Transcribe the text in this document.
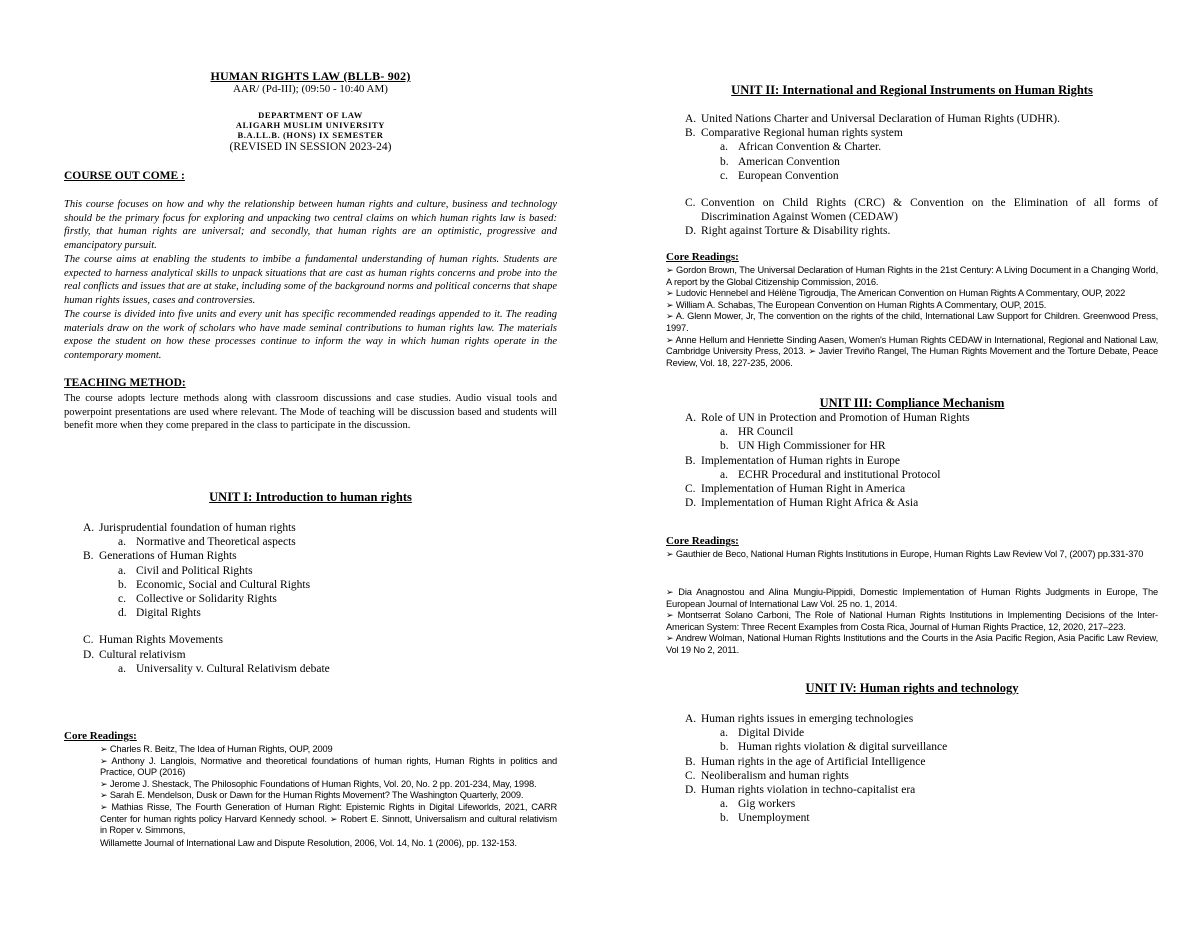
HUMAN RIGHTS LAW (BLLB- 902)
AAR/ (Pd-III); (09:50 - 10:40 AM)
DEPARTMENT OF LAW
ALIGARH MUSLIM UNIVERSITY
B.A.LL.B. (HONS) IX SEMESTER
(REVISED IN SESSION 2023-24)
COURSE OUT COME :
This course focuses on how and why the relationship between human rights and culture, business and technology should be the primary focus for exploring and unpacking two central claims on which human rights law is based: firstly, that human rights are universal; and secondly, that human rights are an optimistic, progressive and emancipatory pursuit.
The course aims at enabling the students to imbibe a fundamental understanding of human rights. Students are expected to harness analytical skills to unpack situations that are cast as human rights concerns and probe into the real conflicts and issues that are at stake, including some of the background norms and political concerns that shape human rights issues, cases and controversies.
The course is divided into five units and every unit has specific recommended readings appended to it. The reading materials draw on the work of scholars who have made seminal contributions to human rights law. The materials expose the student on how these processes continue to inform the way in which human rights operate in the contemporary moment.
TEACHING METHOD:
The course adopts lecture methods along with classroom discussions and case studies. Audio visual tools and powerpoint presentations are used where relevant. The Mode of teaching will be discussion based and students will benefit more when they come prepared in the class to participate in the discussion.
UNIT I: Introduction to human rights
A. Jurisprudential foundation of human rights
a. Normative and Theoretical aspects
B. Generations of Human Rights
a. Civil and Political Rights
b. Economic, Social and Cultural Rights
c. Collective or Solidarity Rights
d. Digital Rights
C. Human Rights Movements
D. Cultural relativism
a. Universality v. Cultural Relativism debate
Core Readings:
➢ Charles R. Beitz, The Idea of Human Rights, OUP, 2009
➢ Anthony J. Langlois, Normative and theoretical foundations of human rights, Human Rights in politics and Practice, OUP (2016)
➢ Jerome J. Shestack, The Philosophic Foundations of Human Rights, Vol. 20, No. 2 pp. 201-234, May, 1998.
➢ Sarah E. Mendelson, Dusk or Dawn for the Human Rights Movement? The Washington Quarterly, 2009.
➢ Mathias Risse, The Fourth Generation of Human Right: Epistemic Rights in Digital Lifeworlds, 2021, CARR Center for human rights policy Harvard Kennedy school. ➢ Robert E. Sinnott, Universalism and cultural relativism in Roper v. Simmons,
Willamette Journal of International Law and Dispute Resolution, 2006, Vol. 14, No. 1 (2006), pp. 132-153.
UNIT II: International and Regional Instruments on Human Rights
A. United Nations Charter and Universal Declaration of Human Rights (UDHR).
B. Comparative Regional human rights system
a. African Convention & Charter.
b. American Convention
c. European Convention
C. Convention on Child Rights (CRC) & Convention on the Elimination of all forms of Discrimination Against Women (CEDAW)
D. Right against Torture & Disability rights.
Core Readings:
➢ Gordon Brown, The Universal Declaration of Human Rights in the 21st Century: A Living Document in a Changing World, A report by the Global Citizenship Commission, 2016.
➢ Ludovic Hennebel and Hélène Tigroudja, The American Convention on Human Rights A Commentary, OUP, 2022
➢ William A. Schabas, The European Convention on Human Rights A Commentary, OUP, 2015.
➢ A. Glenn Mower, Jr, The convention on the rights of the child, International Law Support for Children. Greenwood Press, 1997.
➢ Anne Hellum and Henriette Sinding Aasen, Women's Human Rights CEDAW in International, Regional and National Law, Cambridge University Press, 2013. ➢ Javier Treviño Rangel, The Human Rights Movement and the Torture Debate, Peace Review, Vol. 18, 227-235, 2006.
UNIT III: Compliance Mechanism
A. Role of UN in Protection and Promotion of Human Rights
a. HR Council
b. UN High Commissioner for HR
B. Implementation of Human rights in Europe
a. ECHR Procedural and institutional Protocol
C. Implementation of Human Right in America
D. Implementation of Human Right Africa & Asia
Core Readings:
➢ Gauthier de Beco, National Human Rights Institutions in Europe, Human Rights Law Review Vol 7, (2007) pp.331-370
➢ Dia Anagnostou and Alina Mungiu-Pippidi, Domestic Implementation of Human Rights Judgments in Europe, The European Journal of International Law Vol. 25 no. 1, 2014.
➢ Montserrat Solano Carboni, The Role of National Human Rights Institutions in Implementing Decisions of the Inter-American System: Three Recent Examples from Costa Rica, Journal of Human Rights Practice, 12, 2020, 217–223.
➢ Andrew Wolman, National Human Rights Institutions and the Courts in the Asia Pacific Region, Asia Pacific Law Review, Vol 19 No 2, 2011.
UNIT IV: Human rights and technology
A. Human rights issues in emerging technologies
a. Digital Divide
b. Human rights violation & digital surveillance
B. Human rights in the age of Artificial Intelligence
C. Neoliberalism and human rights
D. Human rights violation in techno-capitalist era
a. Gig workers
b. Unemployment
